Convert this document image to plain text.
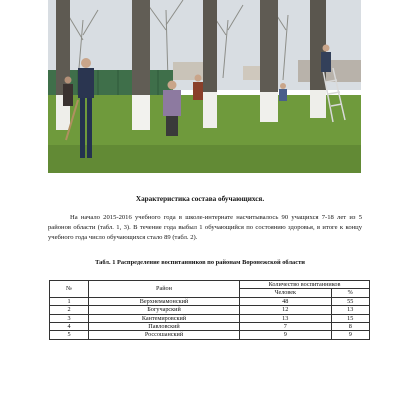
Характеристика состава обучающихся.

На начало 2015-2016 учебного года в школе-интернате насчитывалось 90 учащихся 7-18 лет из 5 районов области (табл. 1, 3). В течение года выбыл 1 обучающийся по состоянию здоровья, в итоге к концу учебного года число обучающихся стало 89 (табл. 2).

Табл. 1 Распределение воспитанников по районам Воронежской области
№	Район	Количество воспитанников	
		Человек	%
1	Верхнемамонский	48	55
2	Богучарский	12	13
3	Кантемировский	13	15
4	Павловский	7	8
5	Россошанский	9	9
